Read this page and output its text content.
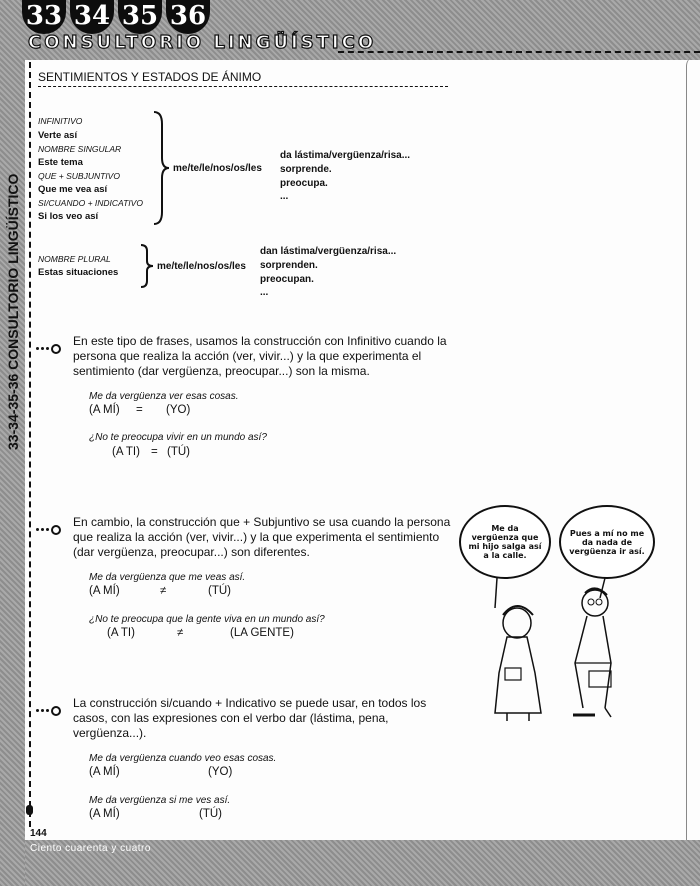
33 34 35 36
CONSULTORIO LINGÜÍSTICO
144
Ciento cuarenta y cuatro
SENTIMIENTOS Y ESTADOS DE ÁNIMO
INFINITIVO
Verte así
NOMBRE SINGULAR
Este tema
QUE + SUBJUNTIVO
Que me vea así
SI/CUANDO + INDICATIVO
Si los veo así
me/te/le/nos/os/les
da lástima/vergüenza/risa...
sorprende.
preocupa.
...
NOMBRE PLURAL
Estas situaciones
me/te/le/nos/os/les
dan lástima/vergüenza/risa...
sorprenden.
preocupan.
...
En este tipo de frases, usamos la construcción con Infinitivo cuando la
persona que realiza la acción (ver, vivir...) y la que experimenta el
sentimiento (dar vergüenza, preocupar...) son la misma.
Me da vergüenza ver esas cosas.
(A MÍ) = (YO)
¿No te preocupa vivir en un mundo así?
(A TI) = (TÚ)
En cambio, la construcción que + Subjuntivo se usa cuando la persona
que realiza la acción (ver, vivir...) y la que experimenta el sentimiento
(dar vergüenza, preocupar...) son diferentes.
Me da vergüenza que me veas así.
(A MÍ)	≠	(TÚ)
¿No te preocupa que la gente viva en un mundo así?
(A TI)	≠	(LA GENTE)
La construcción si/cuando + Indicativo se puede usar, en todos los
casos, con las expresiones con el verbo dar (lástima, pena,
vergüenza...).
Me da vergüenza cuando veo esas cosas.
(A MÍ)	(YO)
Me da vergüenza si me ves así.
(A MÍ)	(TÚ)
Me da vergüenza que mi hijo salga así a la calle.
Pues a mí no me da nada de vergüenza ir así.
